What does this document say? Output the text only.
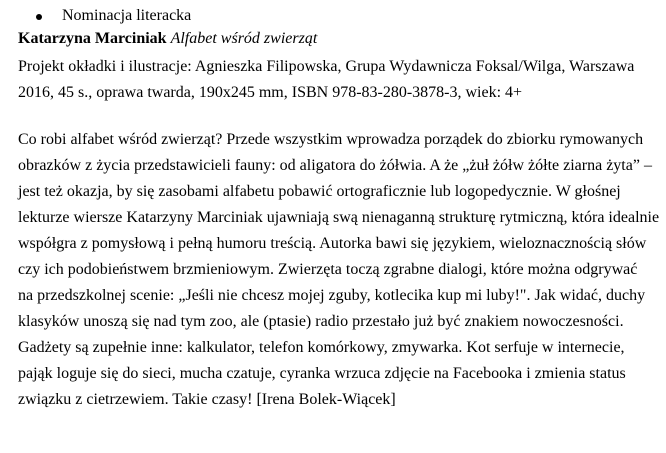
Nominacja literacka

Katarzyna Marciniak Alfabet wśród zwierząt

Projekt okładki i ilustracje: Agnieszka Filipowska, Grupa Wydawnicza Foksal/Wilga, Warszawa
2016, 45 s., oprawa twarda, 190x245 mm, ISBN 978-83-280-3878-3, wiek: 4+
Co robi alfabet wśród zwierząt? Przede wszystkim wprowadza porządek do zbiorku rymowanych
obrazków z życia przedstawicieli fauny: od aligatora do żółwia. A że „żuł żółw żółte ziarna żyta” –
jest też okazja, by się zasobami alfabetu pobawić ortograficznie lub logopedycznie. W głośnej
lekturze wiersze Katarzyny Marciniak ujawniają swą nienaganną strukturę rytmiczną, która idealnie
współgra z pomysłową i pełną humoru treścią. Autorka bawi się językiem, wieloznacznością słów
czy ich podobieństwem brzmieniowym. Zwierzęta toczą zgrabne dialogi, które można odgrywać
na przedszkolnej scenie: „Jeśli nie chcesz mojej zguby, kotlecika kup mi luby!". Jak widać, duchy
klasyków unoszą się nad tym zoo, ale (ptasie) radio przestało już być znakiem nowoczesności.
Gadżety są zupełnie inne: kalkulator, telefon komórkowy, zmywarka. Kot serfuje w internecie,
pająk loguje się do sieci, mucha czatuje, cyranka wrzuca zdjęcie na Facebooka i zmienia status
związku z cietrzewiem. Takie czasy! [Irena Bolek-Wiącek]
